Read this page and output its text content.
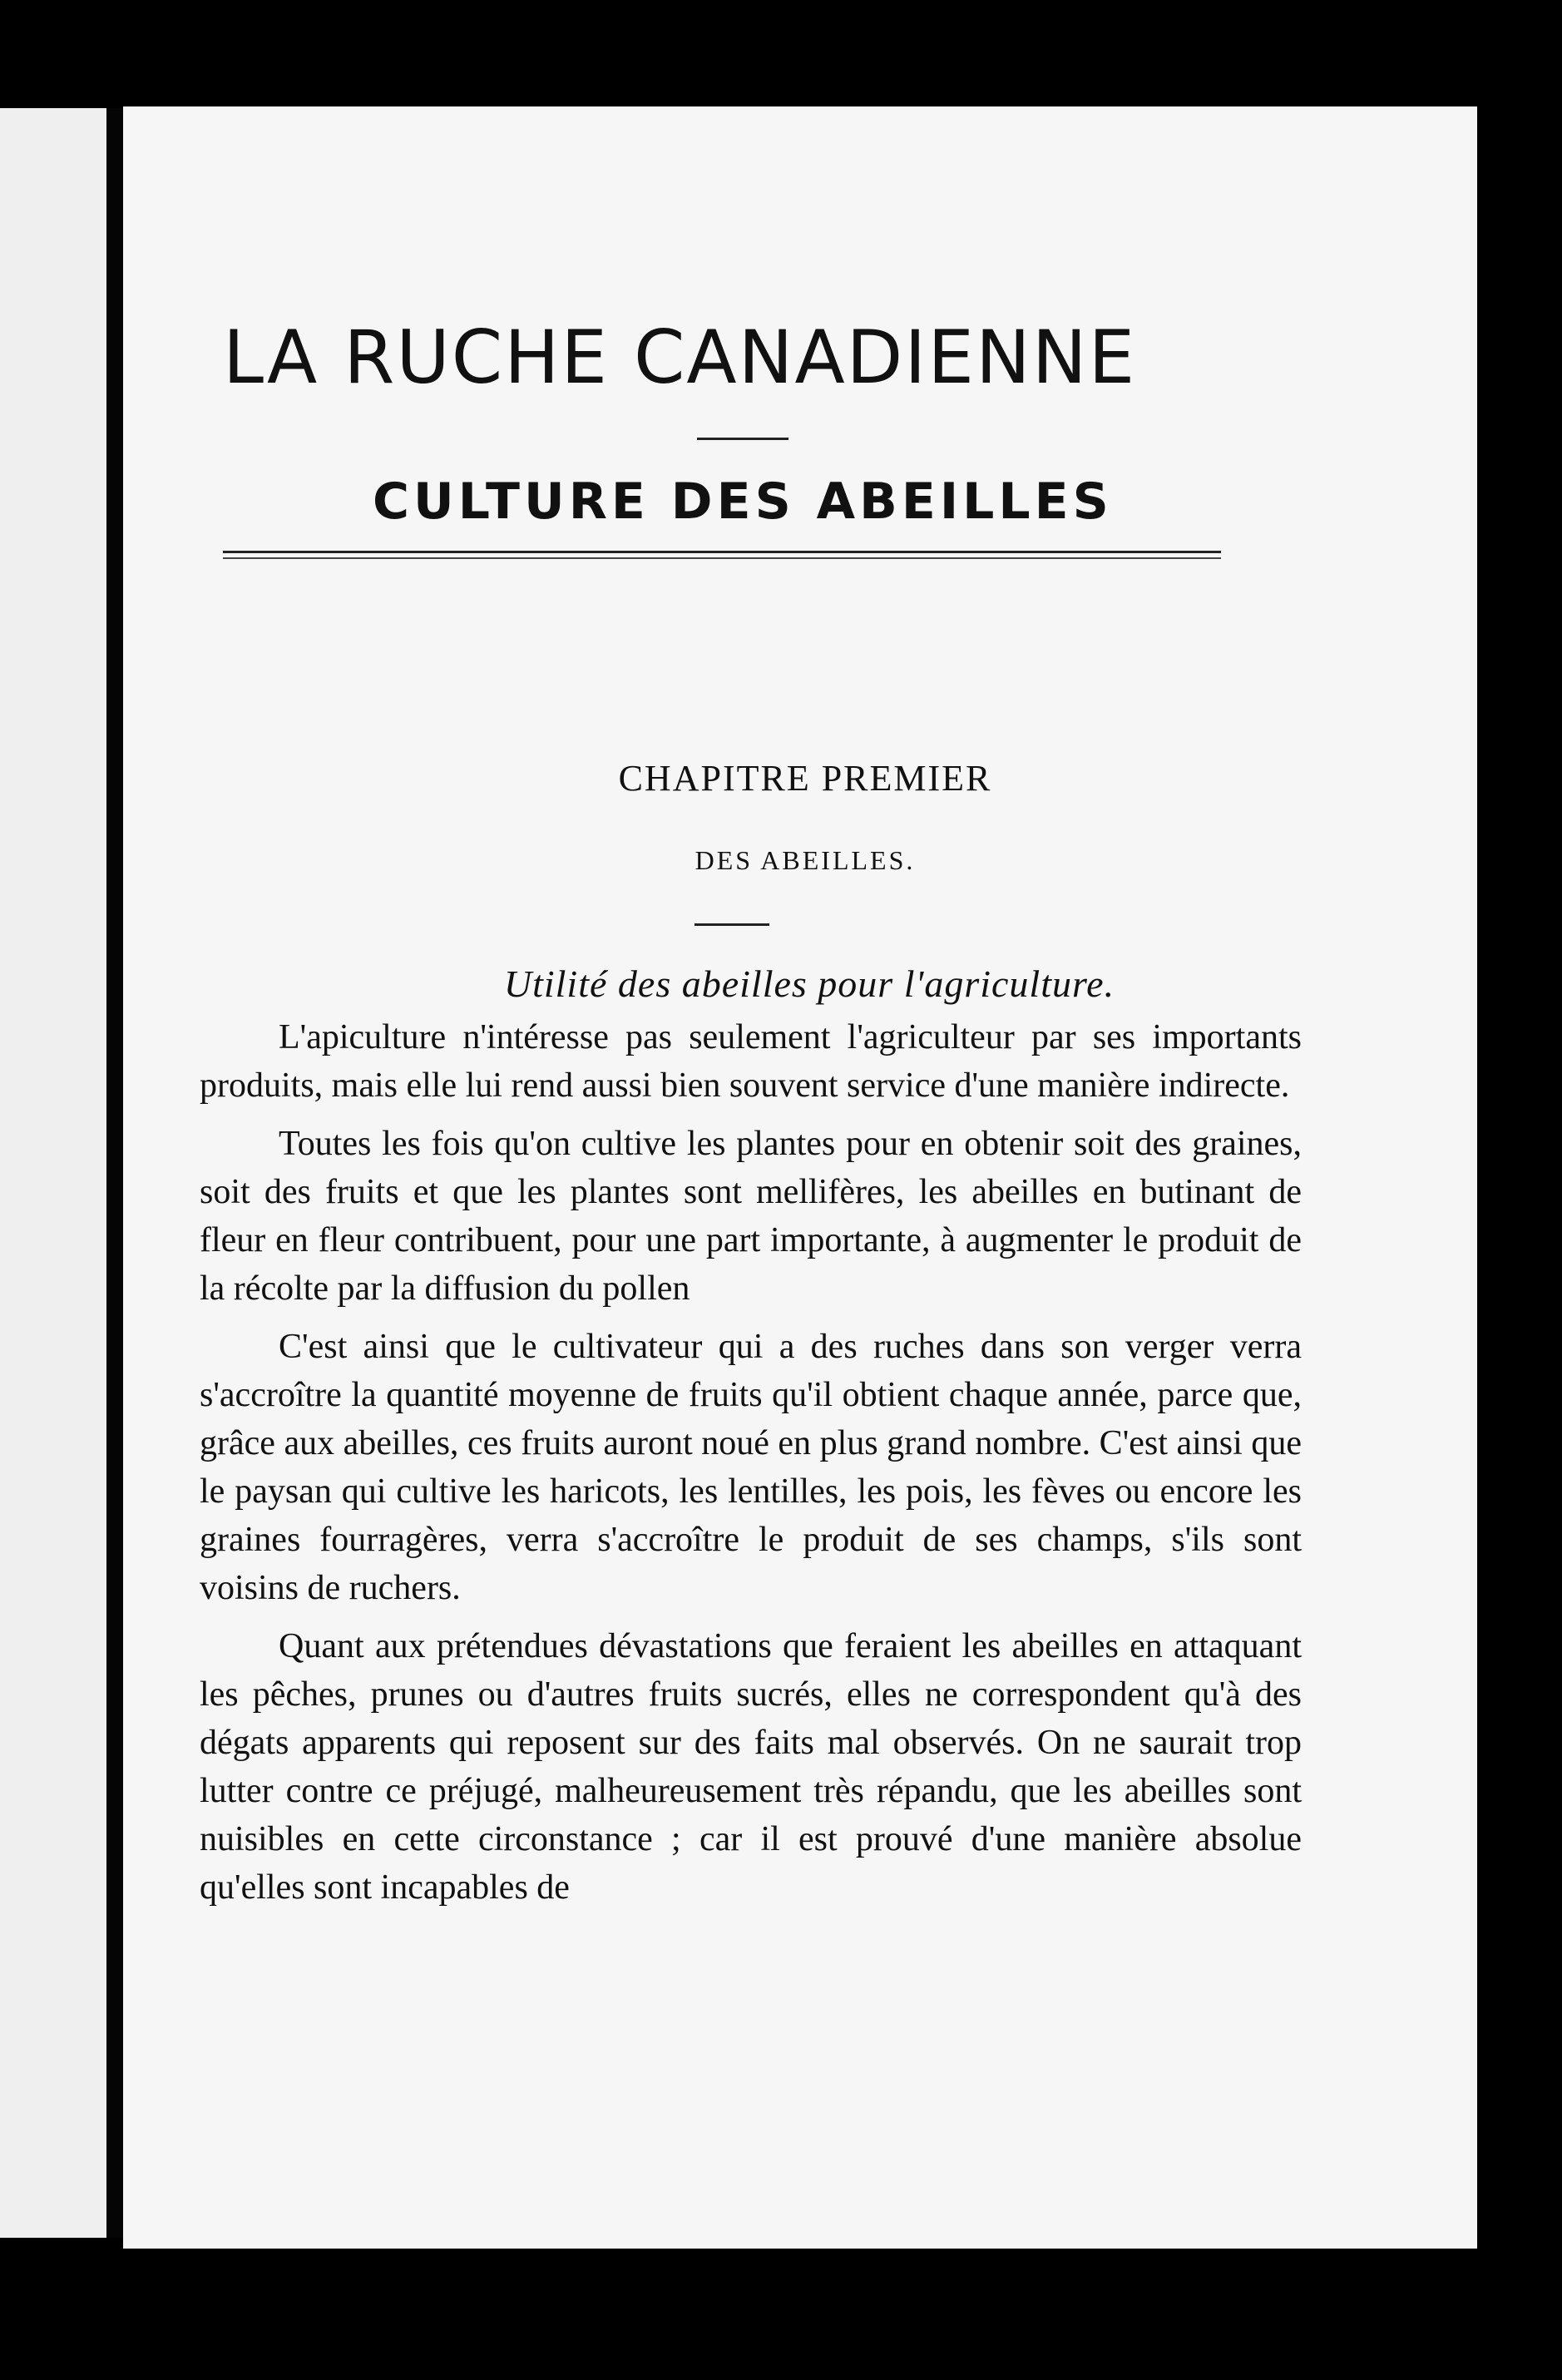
LA RUCHE CANADIENNE
CULTURE DES ABEILLES
CHAPITRE PREMIER
DES ABEILLES.
Utilité des abeilles pour l'agriculture.

L'apiculture n'intéresse pas seulement l'agriculteur par ses importants produits, mais elle lui rend aussi bien souvent service d'une manière indirecte.

Toutes les fois qu'on cultive les plantes pour en obtenir soit des graines, soit des fruits et que les plantes sont mellifères, les abeilles en butinant de fleur en fleur contribuent, pour une part importante, à augmenter le produit de la récolte par la diffusion du pollen

C'est ainsi que le cultivateur qui a des ruches dans son verger verra s'accroître la quantité moyenne de fruits qu'il obtient chaque année, parce que, grâce aux abeilles, ces fruits auront noué en plus grand nombre. C'est ainsi que le paysan qui cultive les haricots, les lentilles, les pois, les fèves ou encore les graines fourragères, verra s'accroître le produit de ses champs, s'ils sont voisins de ruchers.

Quant aux prétendues dévastations que feraient les abeilles en attaquant les pêches, prunes ou d'autres fruits sucrés, elles ne correspondent qu'à des dégats apparents qui reposent sur des faits mal observés. On ne saurait trop lutter contre ce préjugé, malheureusement très répandu, que les abeilles sont nuisibles en cette circonstance ; car il est prouvé d'une manière absolue qu'elles sont incapables de
